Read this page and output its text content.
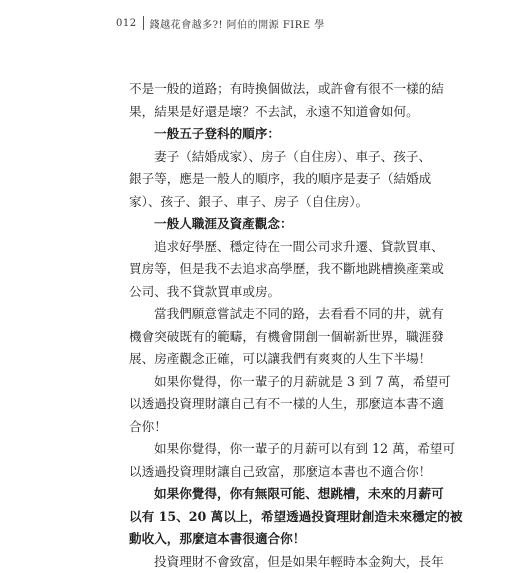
012 錢越花會越多?! 阿伯的開源 FIRE 學
不是一般的道路；有時換個做法，或許會有很不一樣的結
果，結果是好還是壞？不去試，永遠不知道會如何。
一般五子登科的順序：
妻子（結婚成家）、房子（自住房）、車子、孩子、
銀子等，應是一般人的順序，我的順序是妻子（結婚成
家）、孩子、銀子、車子、房子（自住房）。
一般人職涯及資產觀念：
追求好學歷、穩定待在一間公司求升遷、貸款買車、
買房等，但是我不去追求高學歷，我不斷地跳槽換產業或
公司、我不貸款買車或房。
當我們願意嘗試走不同的路，去看看不同的井，就有
機會突破既有的範疇，有機會開創一個嶄新世界，職涯發
展、房產觀念正確，可以讓我們有爽爽的人生下半場！
如果你覺得，你一輩子的月薪就是 3 到 7 萬，希望可
以透過投資理財讓自己有不一樣的人生，那麼這本書不適
合你！
如果你覺得，你一輩子的月薪可以有到 12 萬，希望可
以透過投資理財讓自己致富，那麼這本書也不適合你！
如果你覺得，你有無限可能、想跳槽，未來的月薪可
以有 15、20 萬以上，希望透過投資理財創造未來穩定的被
動收入，那麼這本書很適合你！
投資理財不會致富，但是如果年輕時本金夠大，長年
